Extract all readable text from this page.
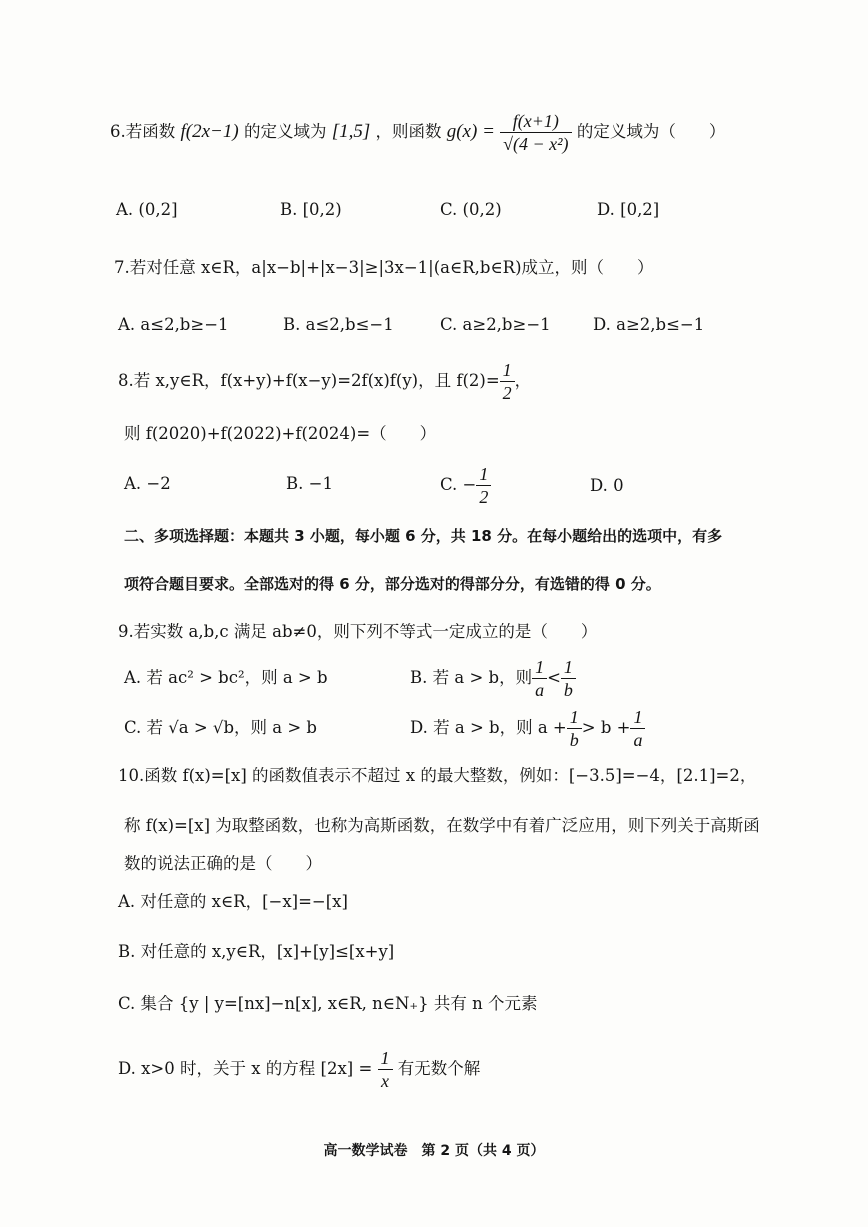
6.若函数 f(2x−1) 的定义域为 [1,5] ，则函数 $g(x) = \frac{f(x+1)}{\text{√(4 − x²)}}$ 的定义域为（　　）
A. (0,2]	B. [0,2)	C. (0,2)	D. [0,2]
7.若对任意 x∈R，a|x−b|+|x−3|≥|3x−1|(a∈R,b∈R)成立，则（　　）
A. a≤2,b≥−1	B. a≤2,b≤−1	C. a≥2,b≥−1	D. a≥2,b≤−1
8.若 x,y∈R，f(x+y)+f(x−y)=2f(x)f(y)，且 $f(2)= \frac{1}{2}$ ，
则 f(2020)+f(2022)+f(2024)=（　　）
A. −2	B. −1	C. − $\frac{1}{2}$	D. 0
二、多项选择题：本题共 3 小题，每小题 6 分，共 18 分。在每小题给出的选项中，有多
项符合题目要求。全部选对的得 6 分，部分选对的得部分分，有选错的得 0 分。
9.若实数 a,b,c 满足 ab≠0，则下列不等式一定成立的是（　　）
A. 若 ac² > bc²，则 a > b	B. 若 a > b，则 $\frac{1}{a} < \frac{1}{b}$
C. 若 √a > √b，则 a > b	D. 若 a > b，则 $a + \frac{1}{b} > b + \frac{1}{a}$
10.函数 f(x)=[x] 的函数值表示不超过 x 的最大整数，例如：[−3.5]=−4，[2.1]=2，
称 f(x)=[x] 为取整函数，也称为高斯函数，在数学中有着广泛应用，则下列关于高斯函
数的说法正确的是（　　）
A. 对任意的 x∈R，[−x]=−[x]
B. 对任意的 x,y∈R，[x]+[y]≤[x+y]
C. 集合 {y | y=[nx]−n[x], x∈R, n∈N₊} 共有 n 个元素
D. x>0 时，关于 x 的方程 $[2x] = \frac{1}{x}$ 有无数个解
高一数学试卷　第 2 页（共 4 页）
